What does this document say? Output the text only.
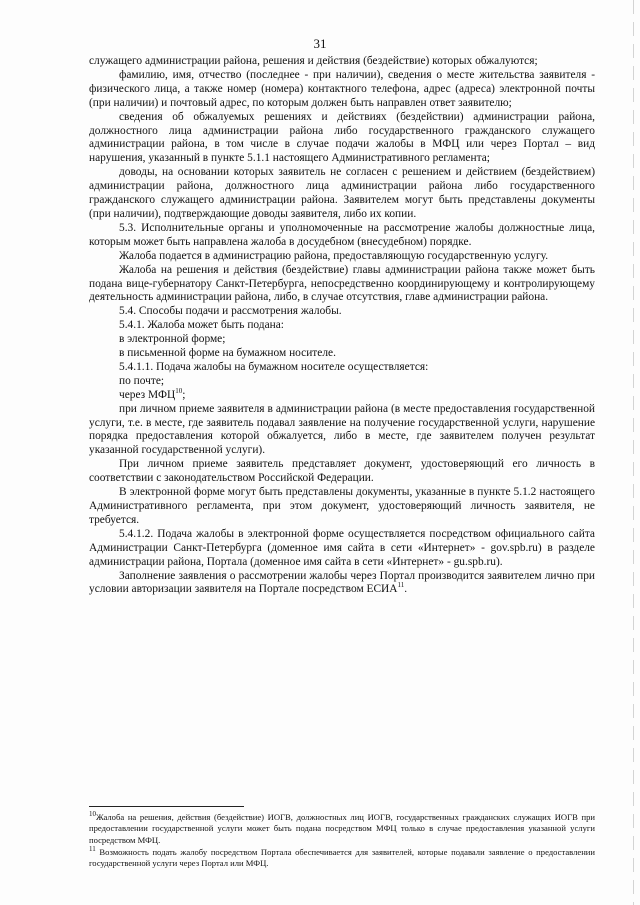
31

служащего администрации района, решения и действия (бездействие) которых обжалуются;

фамилию, имя, отчество (последнее - при наличии), сведения о месте жительства заявителя - физического лица, а также номер (номера) контактного телефона, адрес (адреса) электронной почты (при наличии) и почтовый адрес, по которым должен быть направлен ответ заявителю;

сведения об обжалуемых решениях и действиях (бездействии) администрации района, должностного лица администрации района либо государственного гражданского служащего администрации района, в том числе в случае подачи жалобы в МФЦ или через Портал – вид нарушения, указанный в пункте 5.1.1 настоящего Административного регламента;

доводы, на основании которых заявитель не согласен с решением и действием (бездействием) администрации района, должностного лица администрации района либо государственного гражданского служащего администрации района. Заявителем могут быть представлены документы (при наличии), подтверждающие доводы заявителя, либо их копии.

5.3. Исполнительные органы и уполномоченные на рассмотрение жалобы должностные лица, которым может быть направлена жалоба в досудебном (внесудебном) порядке.

Жалоба подается в администрацию района, предоставляющую государственную услугу.

Жалоба на решения и действия (бездействие) главы администрации района также может быть подана вице-губернатору Санкт-Петербурга, непосредственно координирующему и контролирующему деятельность администрации района, либо, в случае отсутствия, главе администрации района.

5.4. Способы подачи и рассмотрения жалобы.

5.4.1. Жалоба может быть подана:

в электронной форме;

в письменной форме на бумажном носителе.

5.4.1.1. Подача жалобы на бумажном носителе осуществляется:

по почте;

через МФЦ$^{10}$;

при личном приеме заявителя в администрации района (в месте предоставления государственной услуги, т.е. в месте, где заявитель подавал заявление на получение государственной услуги, нарушение порядка предоставления которой обжалуется, либо в месте, где заявителем получен результат указанной государственной услуги).

При личном приеме заявитель представляет документ, удостоверяющий его личность в соответствии с законодательством Российской Федерации.

В электронной форме могут быть представлены документы, указанные в пункте 5.1.2 настоящего Административного регламента, при этом документ, удостоверяющий личность заявителя, не требуется.

5.4.1.2. Подача жалобы в электронной форме осуществляется посредством официального сайта Администрации Санкт-Петербурга (доменное имя сайта в сети «Интернет» - gov.spb.ru) в разделе администрации района, Портала (доменное имя сайта в сети «Интернет» - gu.spb.ru).

Заполнение заявления о рассмотрении жалобы через Портал производится заявителем лично при условии авторизации заявителя на Портале посредством ЕСИА$^{11}$.

$^{10}$Жалоба на решения, действия (бездействие) ИОГВ, должностных лиц ИОГВ, государственных гражданских служащих ИОГВ при предоставлении государственной услуги может быть подана посредством МФЦ только в случае предоставления указанной услуги посредством МФЦ.

$^{11}$ Возможность подать жалобу посредством Портала обеспечивается для заявителей, которые подавали заявление о предоставлении государственной услуги через Портал или МФЦ.
